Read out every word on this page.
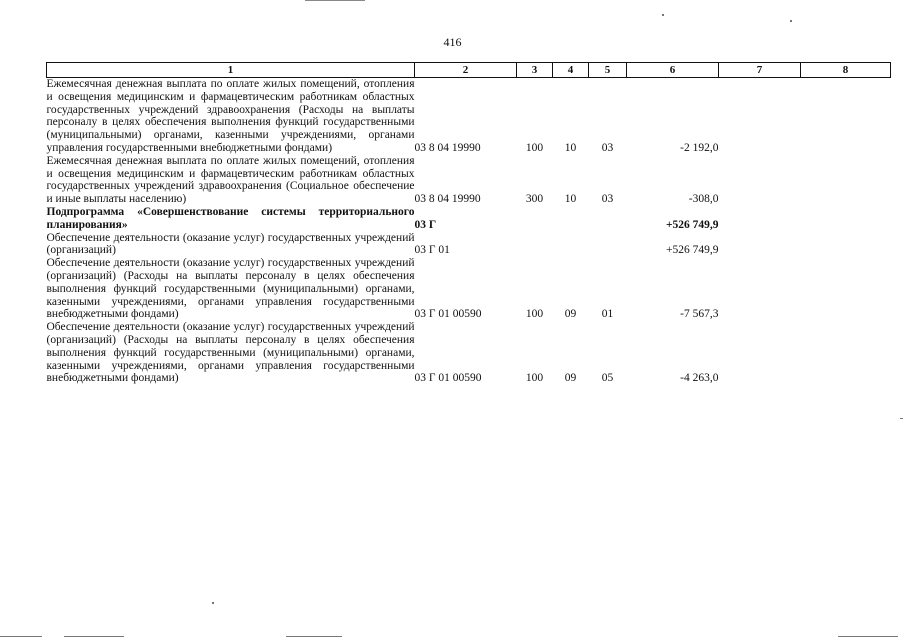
416
1	2	3	4	5	6	7	8
Ежемесячная денежная выплата по оплате жилых помещений, отопления и освещения медицинским и фармацевтическим работникам областных государственных учреждений здравоохранения (Расходы на выплаты персоналу в целях обеспечения выполнения функций государственными (муниципальными) органами, казенными учреждениями, органами управления государственными внебюджетными фондами)	03 8 04 19990	100	10	03	-2 192,0		
Ежемесячная денежная выплата по оплате жилых помещений, отопления и освещения медицинским и фармацевтическим работникам областных государственных учреждений здравоохранения (Социальное обеспечение и иные выплаты населению)	03 8 04 19990	300	10	03	-308,0		
Подпрограмма «Совершенствование системы территориального планирования»	03 Г				+526 749,9		
Обеспечение деятельности (оказание услуг) государственных учреждений (организаций)	03 Г 01				+526 749,9		
Обеспечение деятельности (оказание услуг) государственных учреждений (организаций) (Расходы на выплаты персоналу в целях обеспечения выполнения функций государственными (муниципальными) органами, казенными учреждениями, органами управления государственными внебюджетными фондами)	03 Г 01 00590	100	09	01	-7 567,3		
Обеспечение деятельности (оказание услуг) государственных учреждений (организаций) (Расходы на выплаты персоналу в целях обеспечения выполнения функций государственными (муниципальными) органами, казенными учреждениями, органами управления государственными внебюджетными фондами)	03 Г 01 00590	100	09	05	-4 263,0		
